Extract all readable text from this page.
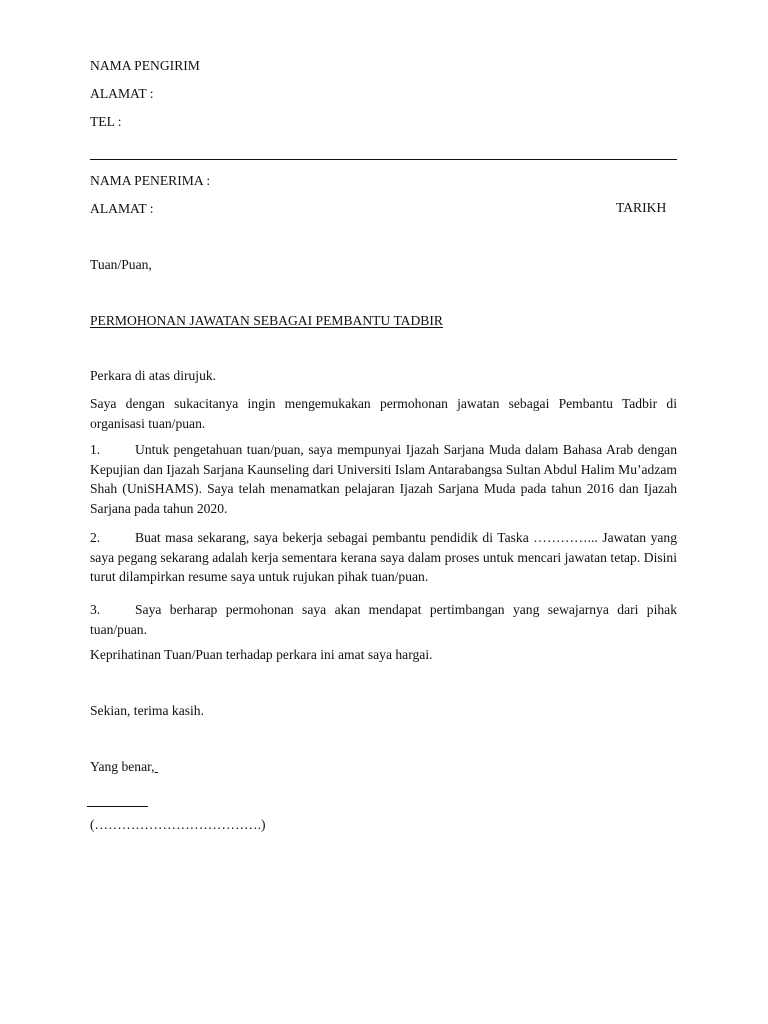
NAMA PENGIRIM
ALAMAT :
TEL :
NAMA PENERIMA :
ALAMAT :	TARIKH
Tuan/Puan,
PERMOHONAN JAWATAN SEBAGAI PEMBANTU TADBIR
Perkara di atas dirujuk.

Saya dengan sukacitanya ingin mengemukakan permohonan jawatan sebagai Pembantu Tadbir di organisasi tuan/puan.

1.	Untuk pengetahuan tuan/puan, saya mempunyai Ijazah Sarjana Muda dalam Bahasa Arab dengan Kepujian dan Ijazah Sarjana Kaunseling dari Universiti Islam Antarabangsa Sultan Abdul Halim Mu’adzam Shah (UniSHAMS). Saya telah menamatkan pelajaran Ijazah Sarjana Muda pada tahun 2016 dan Ijazah Sarjana pada tahun 2020.

2.	Buat masa sekarang, saya bekerja sebagai pembantu pendidik di Taska …………... Jawatan yang saya pegang sekarang adalah kerja sementara kerana saya dalam proses untuk mencari jawatan tetap. Disini turut dilampirkan resume saya untuk rujukan pihak tuan/puan.

3.	Saya berharap permohonan saya akan mendapat pertimbangan yang sewajarnya dari pihak tuan/puan.

Keprihatinan Tuan/Puan terhadap perkara ini amat saya hargai.
Sekian, terima kasih.
Yang benar,
(……………………………….)
